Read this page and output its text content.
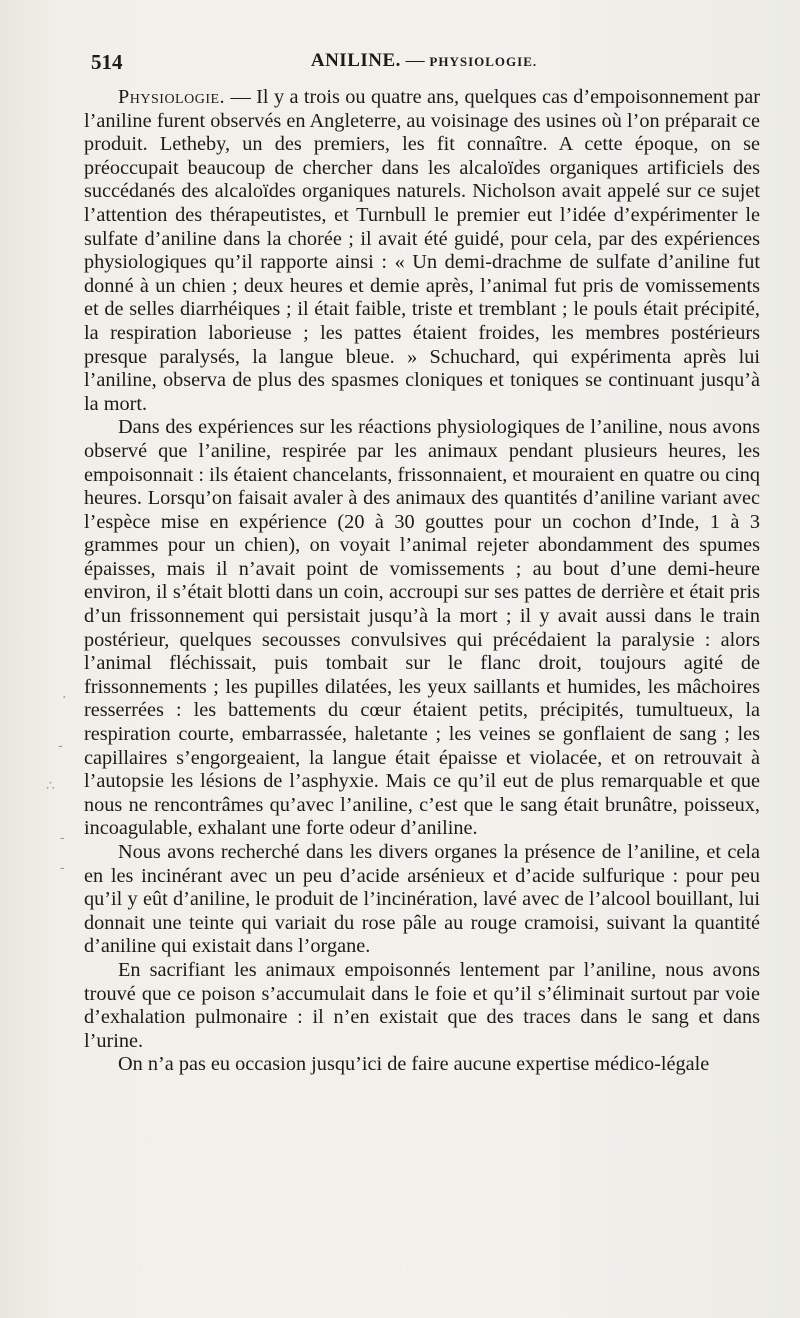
514	ANILINE. — PHYSIOLOGIE.

Physiologie. — Il y a trois ou quatre ans, quelques cas d’empoisonnement par l’aniline furent observés en Angleterre, au voisinage des usines où l’on préparait ce produit. Letheby, un des premiers, les fit connaître. A cette époque, on se préoccupait beaucoup de chercher dans les alcaloïdes organiques artificiels des succédanés des alcaloïdes organiques naturels. Nicholson avait appelé sur ce sujet l’attention des thérapeutistes, et Turnbull le premier eut l’idée d’expérimenter le sulfate d’aniline dans la chorée ; il avait été guidé, pour cela, par des expériences physiologiques qu’il rapporte ainsi : « Un demi-drachme de sulfate d’aniline fut donné à un chien ; deux heures et demie après, l’animal fut pris de vomissements et de selles diarrhéiques ; il était faible, triste et tremblant ; le pouls était précipité, la respiration laborieuse ; les pattes étaient froides, les membres postérieurs presque paralysés, la langue bleue. » Schuchard, qui expérimenta après lui l’aniline, observa de plus des spasmes cloniques et toniques se continuant jusqu’à la mort.

Dans des expériences sur les réactions physiologiques de l’aniline, nous avons observé que l’aniline, respirée par les animaux pendant plusieurs heures, les empoisonnait : ils étaient chancelants, frissonnaient, et mouraient en quatre ou cinq heures. Lorsqu’on faisait avaler à des animaux des quantités d’aniline variant avec l’espèce mise en expérience (20 à 30 gouttes pour un cochon d’Inde, 1 à 3 grammes pour un chien), on voyait l’animal rejeter abondamment des spumes épaisses, mais il n’avait point de vomissements ; au bout d’une demi-heure environ, il s’était blotti dans un coin, accroupi sur ses pattes de derrière et était pris d’un frissonnement qui persistait jusqu’à la mort ; il y avait aussi dans le train postérieur, quelques secousses convulsives qui précédaient la paralysie : alors l’animal fléchissait, puis tombait sur le flanc droit, toujours agité de frissonnements ; les pupilles dilatées, les yeux saillants et humides, les mâchoires resserrées : les battements du cœur étaient petits, précipités, tumultueux, la respiration courte, embarrassée, haletante ; les veines se gonflaient de sang ; les capillaires s’engorgeaient, la langue était épaisse et violacée, et on retrouvait à l’autopsie les lésions de l’asphyxie. Mais ce qu’il eut de plus remarquable et que nous ne rencontrâmes qu’avec l’aniline, c’est que le sang était brunâtre, poisseux, incoagulable, exhalant une forte odeur d’aniline.

Nous avons recherché dans les divers organes la présence de l’aniline, et cela en les incinérant avec un peu d’acide arsénieux et d’acide sulfurique : pour peu qu’il y eût d’aniline, le produit de l’incinération, lavé avec de l’alcool bouillant, lui donnait une teinte qui variait du rose pâle au rouge cramoisi, suivant la quantité d’aniline qui existait dans l’organe.

En sacrifiant les animaux empoisonnés lentement par l’aniline, nous avons trouvé que ce poison s’accumulait dans le foie et qu’il s’éliminait surtout par voie d’exhalation pulmonaire : il n’en existait que des traces dans le sang et dans l’urine.

On n’a pas eu occasion jusqu’ici de faire aucune expertise médico-légale

·
-
∴
-
-
